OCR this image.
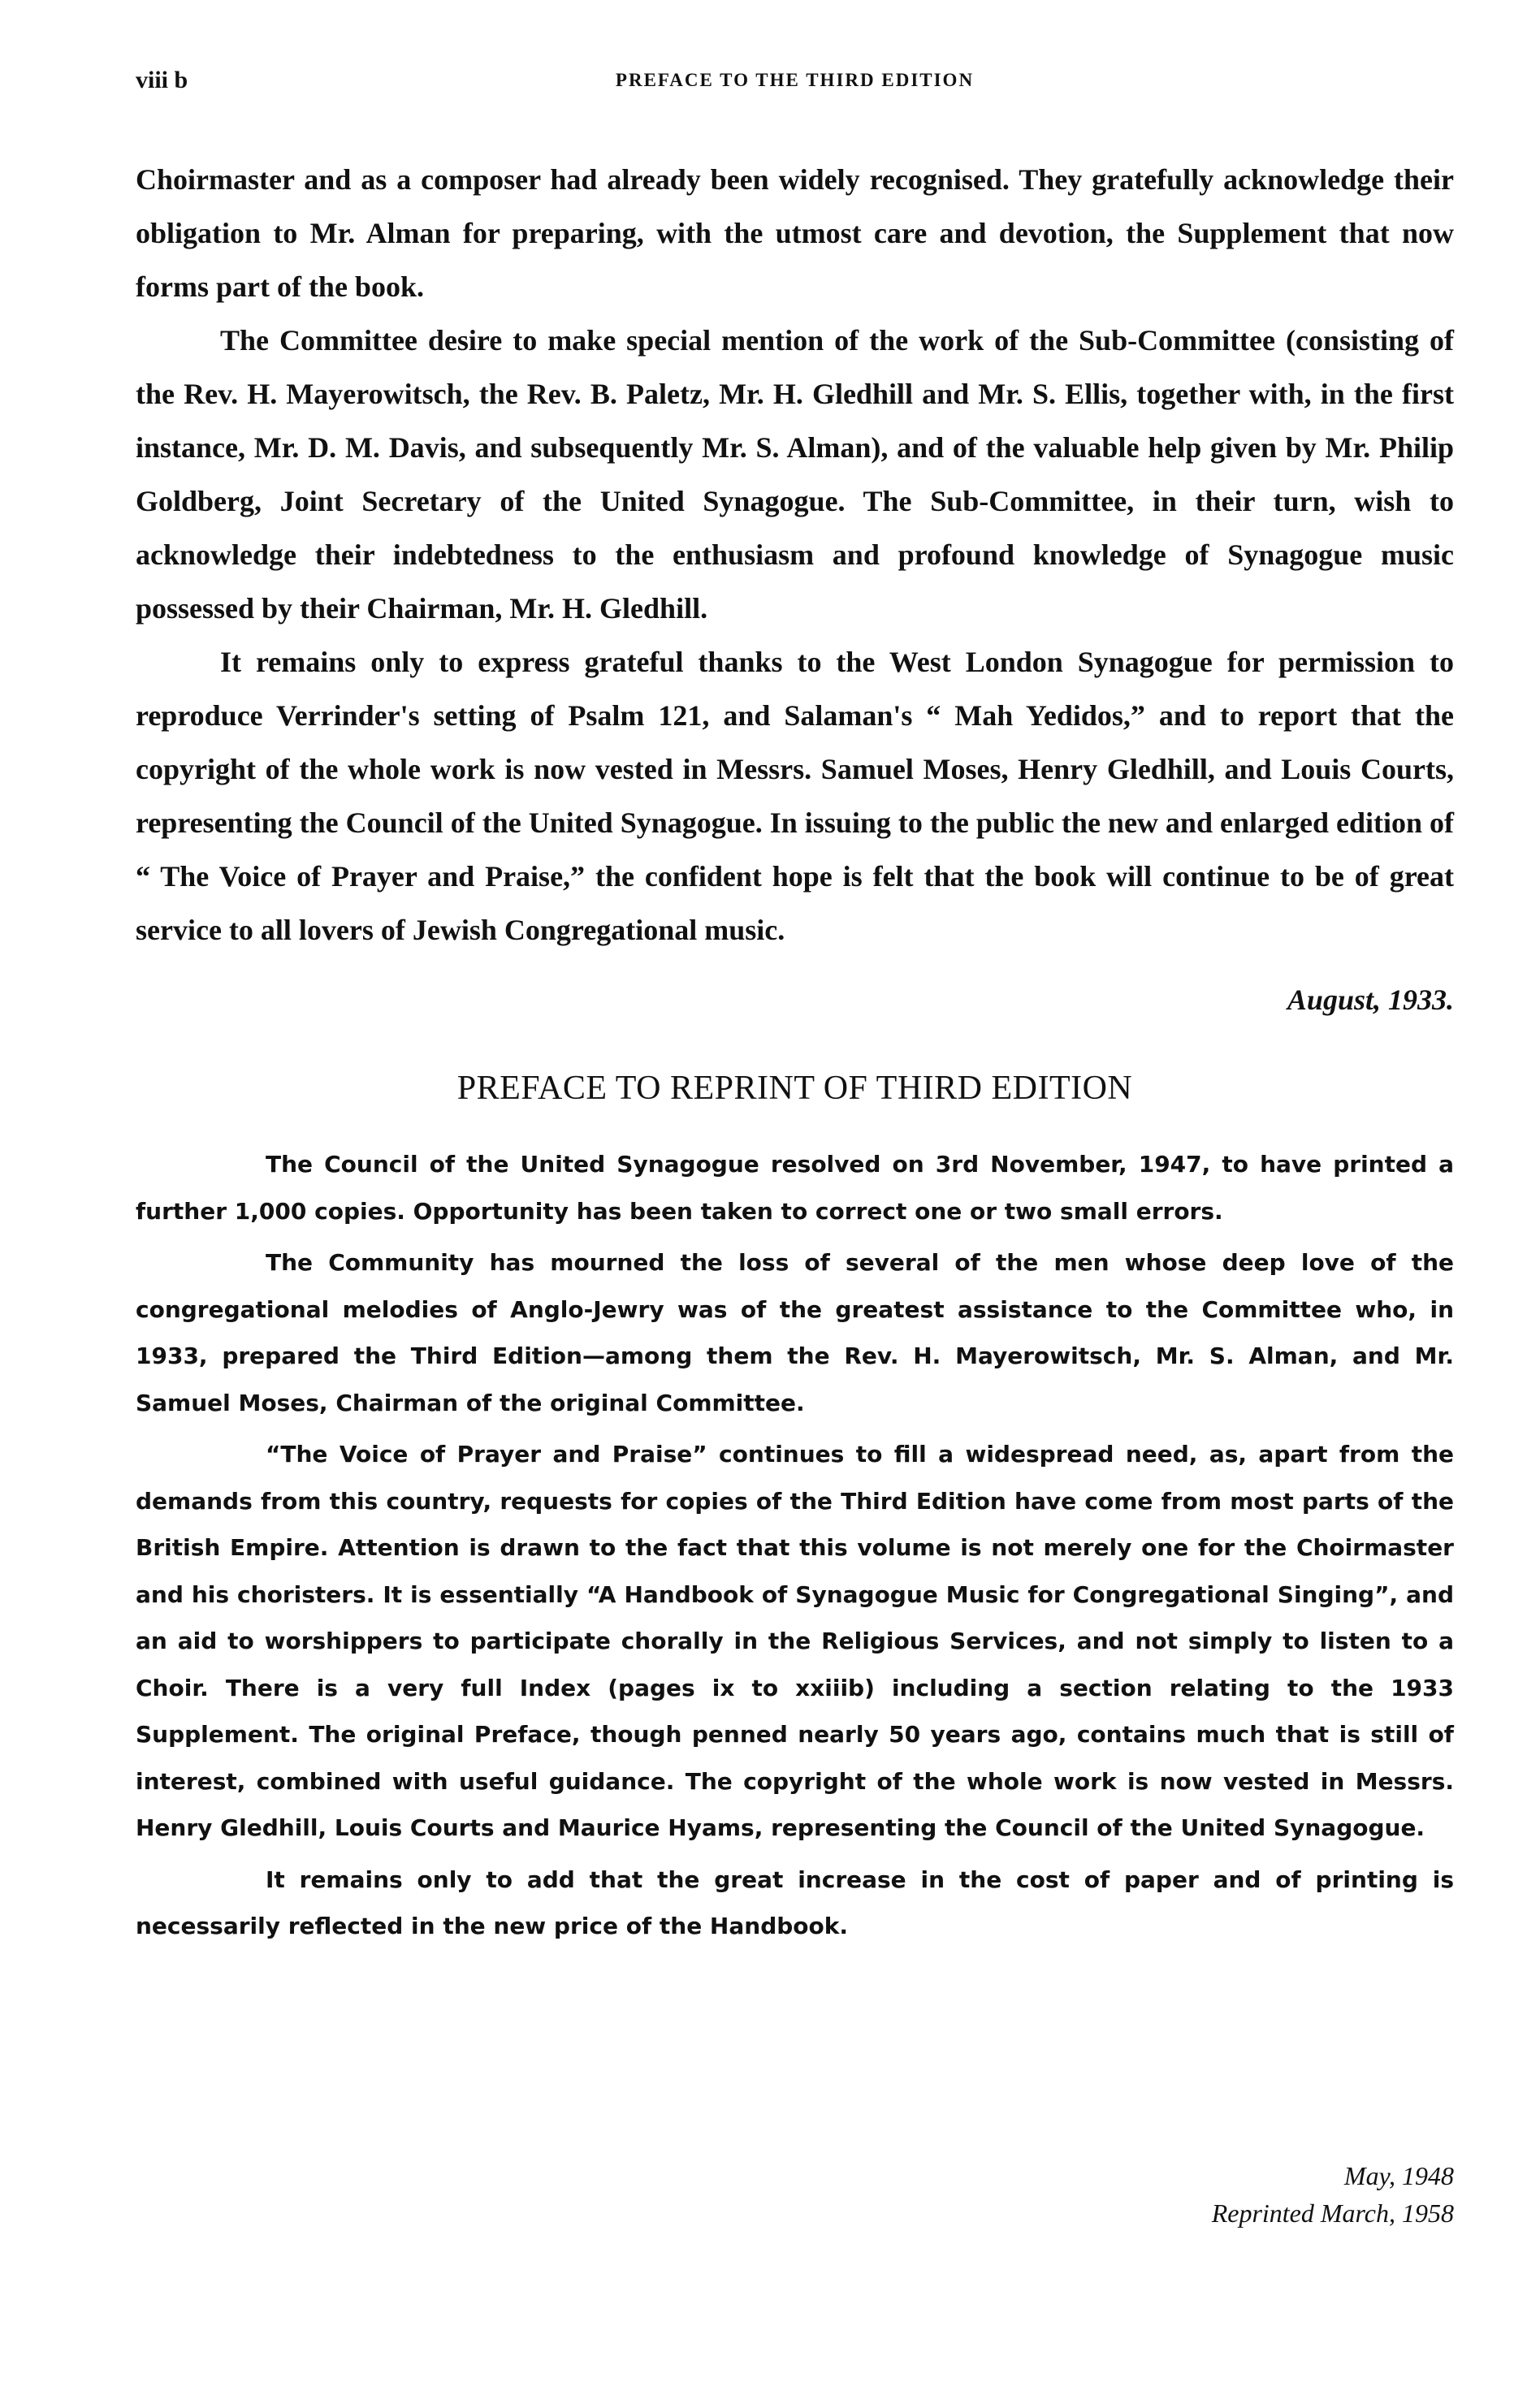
viii b	PREFACE TO THE THIRD EDITION

Choirmaster and as a composer had already been widely recognised. They gratefully acknowledge their obligation to Mr. Alman for preparing, with the utmost care and devotion, the Supplement that now forms part of the book.

The Committee desire to make special mention of the work of the Sub-Committee (consisting of the Rev. H. Mayerowitsch, the Rev. B. Paletz, Mr. H. Gledhill and Mr. S. Ellis, together with, in the first instance, Mr. D. M. Davis, and subsequently Mr. S. Alman), and of the valuable help given by Mr. Philip Goldberg, Joint Secretary of the United Synagogue. The Sub-Committee, in their turn, wish to acknowledge their indebtedness to the enthusiasm and profound knowledge of Synagogue music possessed by their Chairman, Mr. H. Gledhill.

It remains only to express grateful thanks to the West London Synagogue for permission to reproduce Verrinder's setting of Psalm 121, and Salaman's “ Mah Yedidos,” and to report that the copyright of the whole work is now vested in Messrs. Samuel Moses, Henry Gledhill, and Louis Courts, representing the Council of the United Synagogue. In issuing to the public the new and enlarged edition of “ The Voice of Prayer and Praise,” the confident hope is felt that the book will continue to be of great service to all lovers of Jewish Congregational music.

August, 1933.
PREFACE TO REPRINT OF THIRD EDITION

The Council of the United Synagogue resolved on 3rd November, 1947, to have printed a further 1,000 copies. Opportunity has been taken to correct one or two small errors.

The Community has mourned the loss of several of the men whose deep love of the congregational melodies of Anglo-Jewry was of the greatest assistance to the Committee who, in 1933, prepared the Third Edition—among them the Rev. H. Mayerowitsch, Mr. S. Alman, and Mr. Samuel Moses, Chairman of the original Committee.

“The Voice of Prayer and Praise” continues to fill a widespread need, as, apart from the demands from this country, requests for copies of the Third Edition have come from most parts of the British Empire. Attention is drawn to the fact that this volume is not merely one for the Choirmaster and his choristers. It is essentially “A Handbook of Synagogue Music for Congregational Singing”, and an aid to worshippers to participate chorally in the Religious Services, and not simply to listen to a Choir. There is a very full Index (pages ix to xxiiib) including a section relating to the 1933 Supplement. The original Preface, though penned nearly 50 years ago, contains much that is still of interest, combined with useful guidance. The copyright of the whole work is now vested in Messrs. Henry Gledhill, Louis Courts and Maurice Hyams, representing the Council of the United Synagogue.

It remains only to add that the great increase in the cost of paper and of printing is necessarily reflected in the new price of the Handbook.

May, 1948
Reprinted March, 1958
